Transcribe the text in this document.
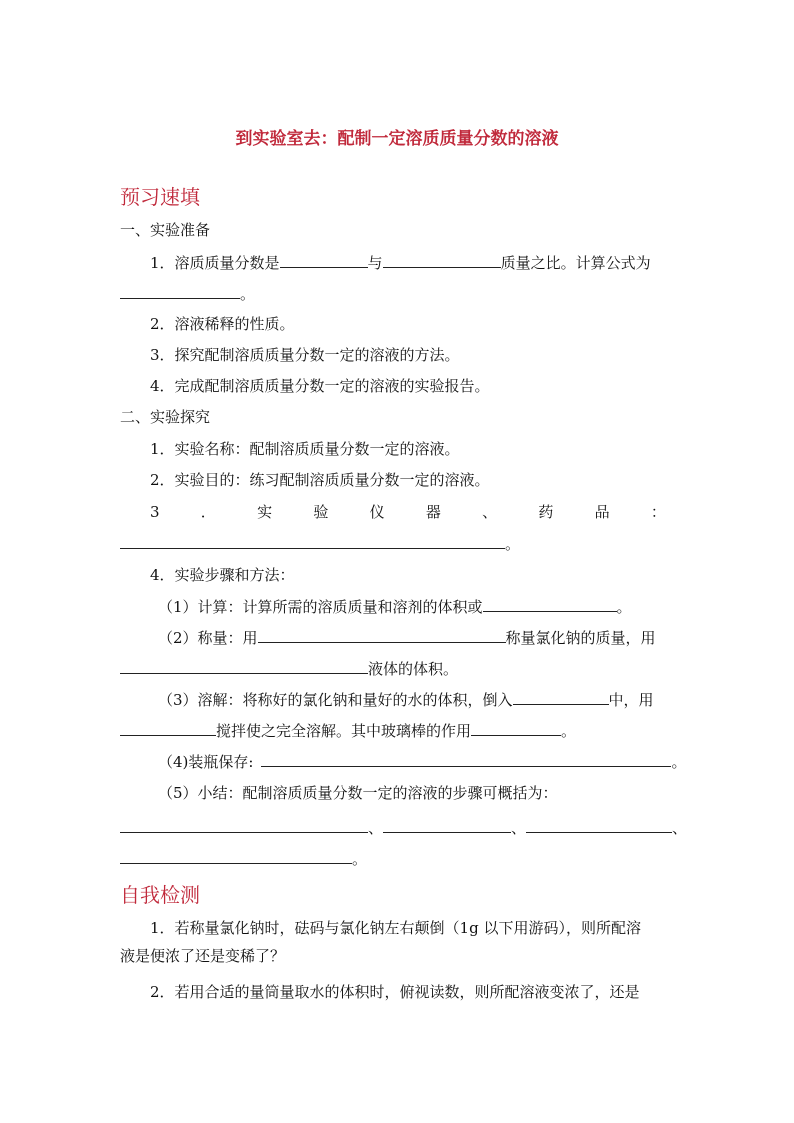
到实验室去：配制一定溶质质量分数的溶液
预习速填
一、实验准备
1．溶质质量分数是	与	质量之比。计算公式为
。
2．溶液稀释的性质。
3．探究配制溶质质量分数一定的溶液的方法。
4．完成配制溶质质量分数一定的溶液的实验报告。
二、实验探究
1．实验名称：配制溶质质量分数一定的溶液。
2．实验目的：练习配制溶质质量分数一定的溶液。
3	．	实	验	仪	器	、	药	品	：
。
4．实验步骤和方法：
（1）计算：计算所需的溶质质量和溶剂的体积或	。
（2）称量：用	称量氯化钠的质量，用
液体的体积。
（3）溶解：将称好的氯化钠和量好的水的体积，倒入	中，用
搅拌使之完全溶解。其中玻璃棒的作用	。
（4)装瓶保存:	。
（5）小结：配制溶质质量分数一定的溶液的步骤可概括为：
、	、	、
。
自我检测
1．若称量氯化钠时，砝码与氯化钠左右颠倒（1g 以下用游码），则所配溶
液是便浓了还是变稀了？
2．若用合适的量筒量取水的体积时，俯视读数，则所配溶液变浓了，还是
